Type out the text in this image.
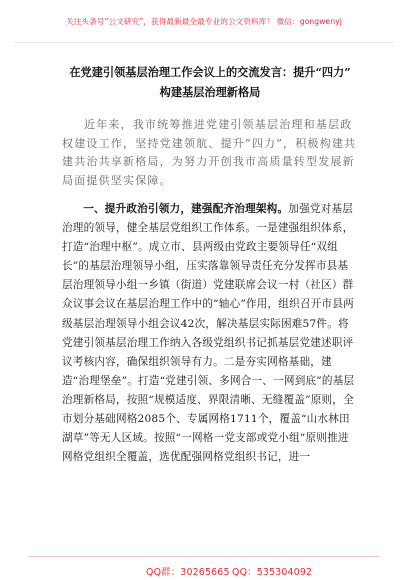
关注头条号“公文研究”，获得最新最全最专业的公文资料库！ 微信：gongwenyj

在党建引领基层治理工作会议上的交流发言：提升“四力” 构建基层治理新格局

近年来，我市统筹推进党建引领基层治理和基层政权建设工作，坚持党建领航、提升“四力”，积极构建共建共治共享新格局，为努力开创我市高质量转型发展新局面提供坚实保障。

一、提升政治引领力，建强配齐治理架构。加强党对基层治理的领导，健全基层党组织工作体系。一是建强组织体系，打造“治理中枢”。成立市、县两级由党政主要领导任“双组长”的基层治理领导小组，压实落靠领导责任充分发挥市县基层治理领导小组一乡镇（街道）党建联席会议一村（社区）群众议事会议在基层治理工作中的“轴心”作用，组织召开市县两级基层治理领导小组会议42次，解决基层实际困难57件。将党建引领基层治理工作纳入各级党组织书记抓基层党建述职评议考核内容，确保组织领导有力。二是夯实网格基础，建造“治理堡垒”。打造“党建引领、多网合一、一网到底”的基层治理新格局，按照“规模适度、界限清晰、无缝覆盖”原则，全市划分基础网格2085个、专属网格1711个，覆盖“山水林田湖草”等无人区域。按照“一网格一党支部或党小组”原则推进网格党组织全覆盖，选优配强网格党组织书记，进一

QQ群：30265665 QQ：535304092
